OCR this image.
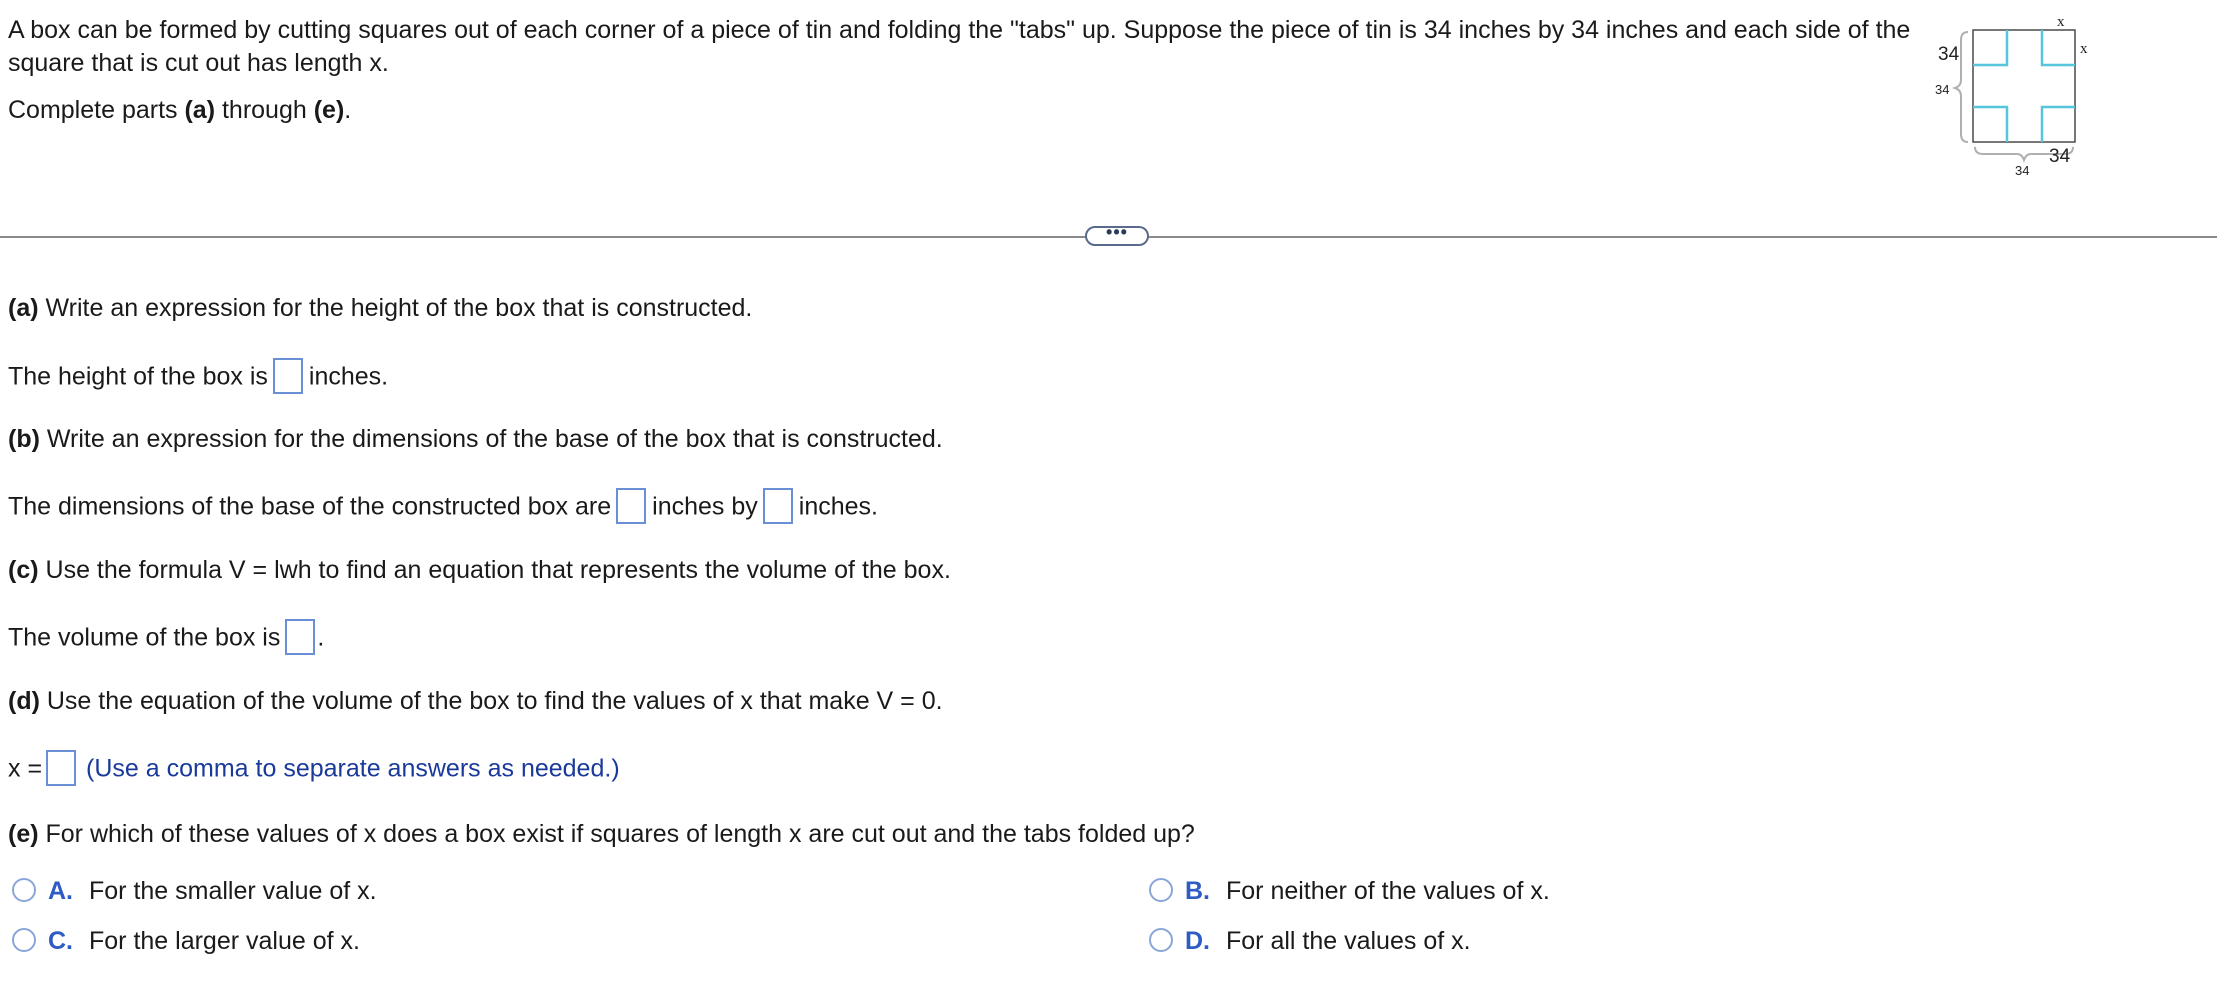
A box can be formed by cutting squares out of each corner of a piece of tin and folding the "tabs" up. Suppose the piece of tin is 34 inches by 34 inches and each side of the square that is cut out has length x.

Complete parts (a) through (e).

x
x
34
34
34
34
•••
(a) Write an expression for the height of the box that is constructed.
The height of the box is inches.
(b) Write an expression for the dimensions of the base of the box that is constructed.
The dimensions of the base of the constructed box are inches by inches.
(c) Use the formula V = lwh to find an equation that represents the volume of the box.
The volume of the box is .
(d) Use the equation of the volume of the box to find the values of x that make V = 0.
x = (Use a comma to separate answers as needed.)
(e) For which of these values of x does a box exist if squares of length x are cut out and the tabs folded up?
A. For the smaller value of x.	B. For neither of the values of x.
C. For the larger value of x.	D. For all the values of x.
